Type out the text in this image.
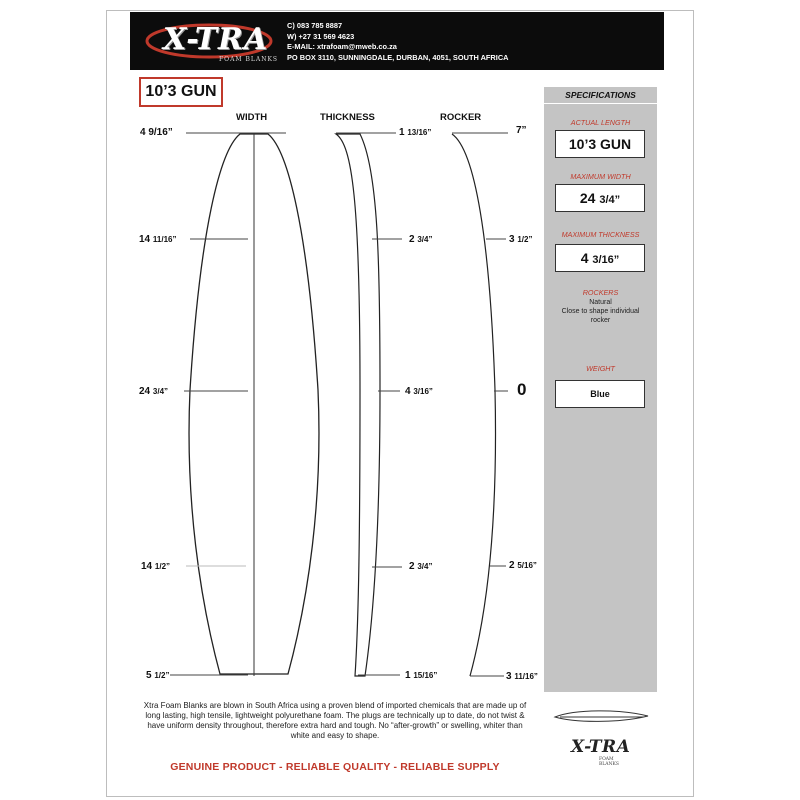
X-TRA
FOAM BLANKS
C) 083 785 8887
W) +27 31 569 4623
E-MAIL: xtrafoam@mweb.co.za
PO BOX 3110, SUNNINGDALE, DURBAN, 4051, SOUTH AFRICA
10’3 GUN
WIDTH	THICKNESS	ROCKER
4 9/16”
14 11/16”
24 3/4”
14 1/2”
5 1/2”
1 13/16”
2 3/4”
4 3/16”
2 3/4”
1 15/16”
7”
3 1/2”
0
2 5/16”
3 11/16”
SPECIFICATIONS
ACTUAL LENGTH
10’3 GUN
MAXIMUM WIDTH
24 3/4”
MAXIMUM THICKNESS
4 3/16”
ROCKERS
Natural
Close to shape individual
rocker
WEIGHT
Blue
Xtra Foam Blanks are blown in South Africa using a proven blend of imported chemicals that are made up of long lasting, high tensile, lightweight polyurethane foam. The plugs are technically up to date, do not twist & have uniform density throughout, therefore extra hard and tough. No “after-growth” or swelling, whiter than white and easy to shape.
GENUINE PRODUCT - RELIABLE QUALITY - RELIABLE SUPPLY
X-TRA
FOAM BLANKS
